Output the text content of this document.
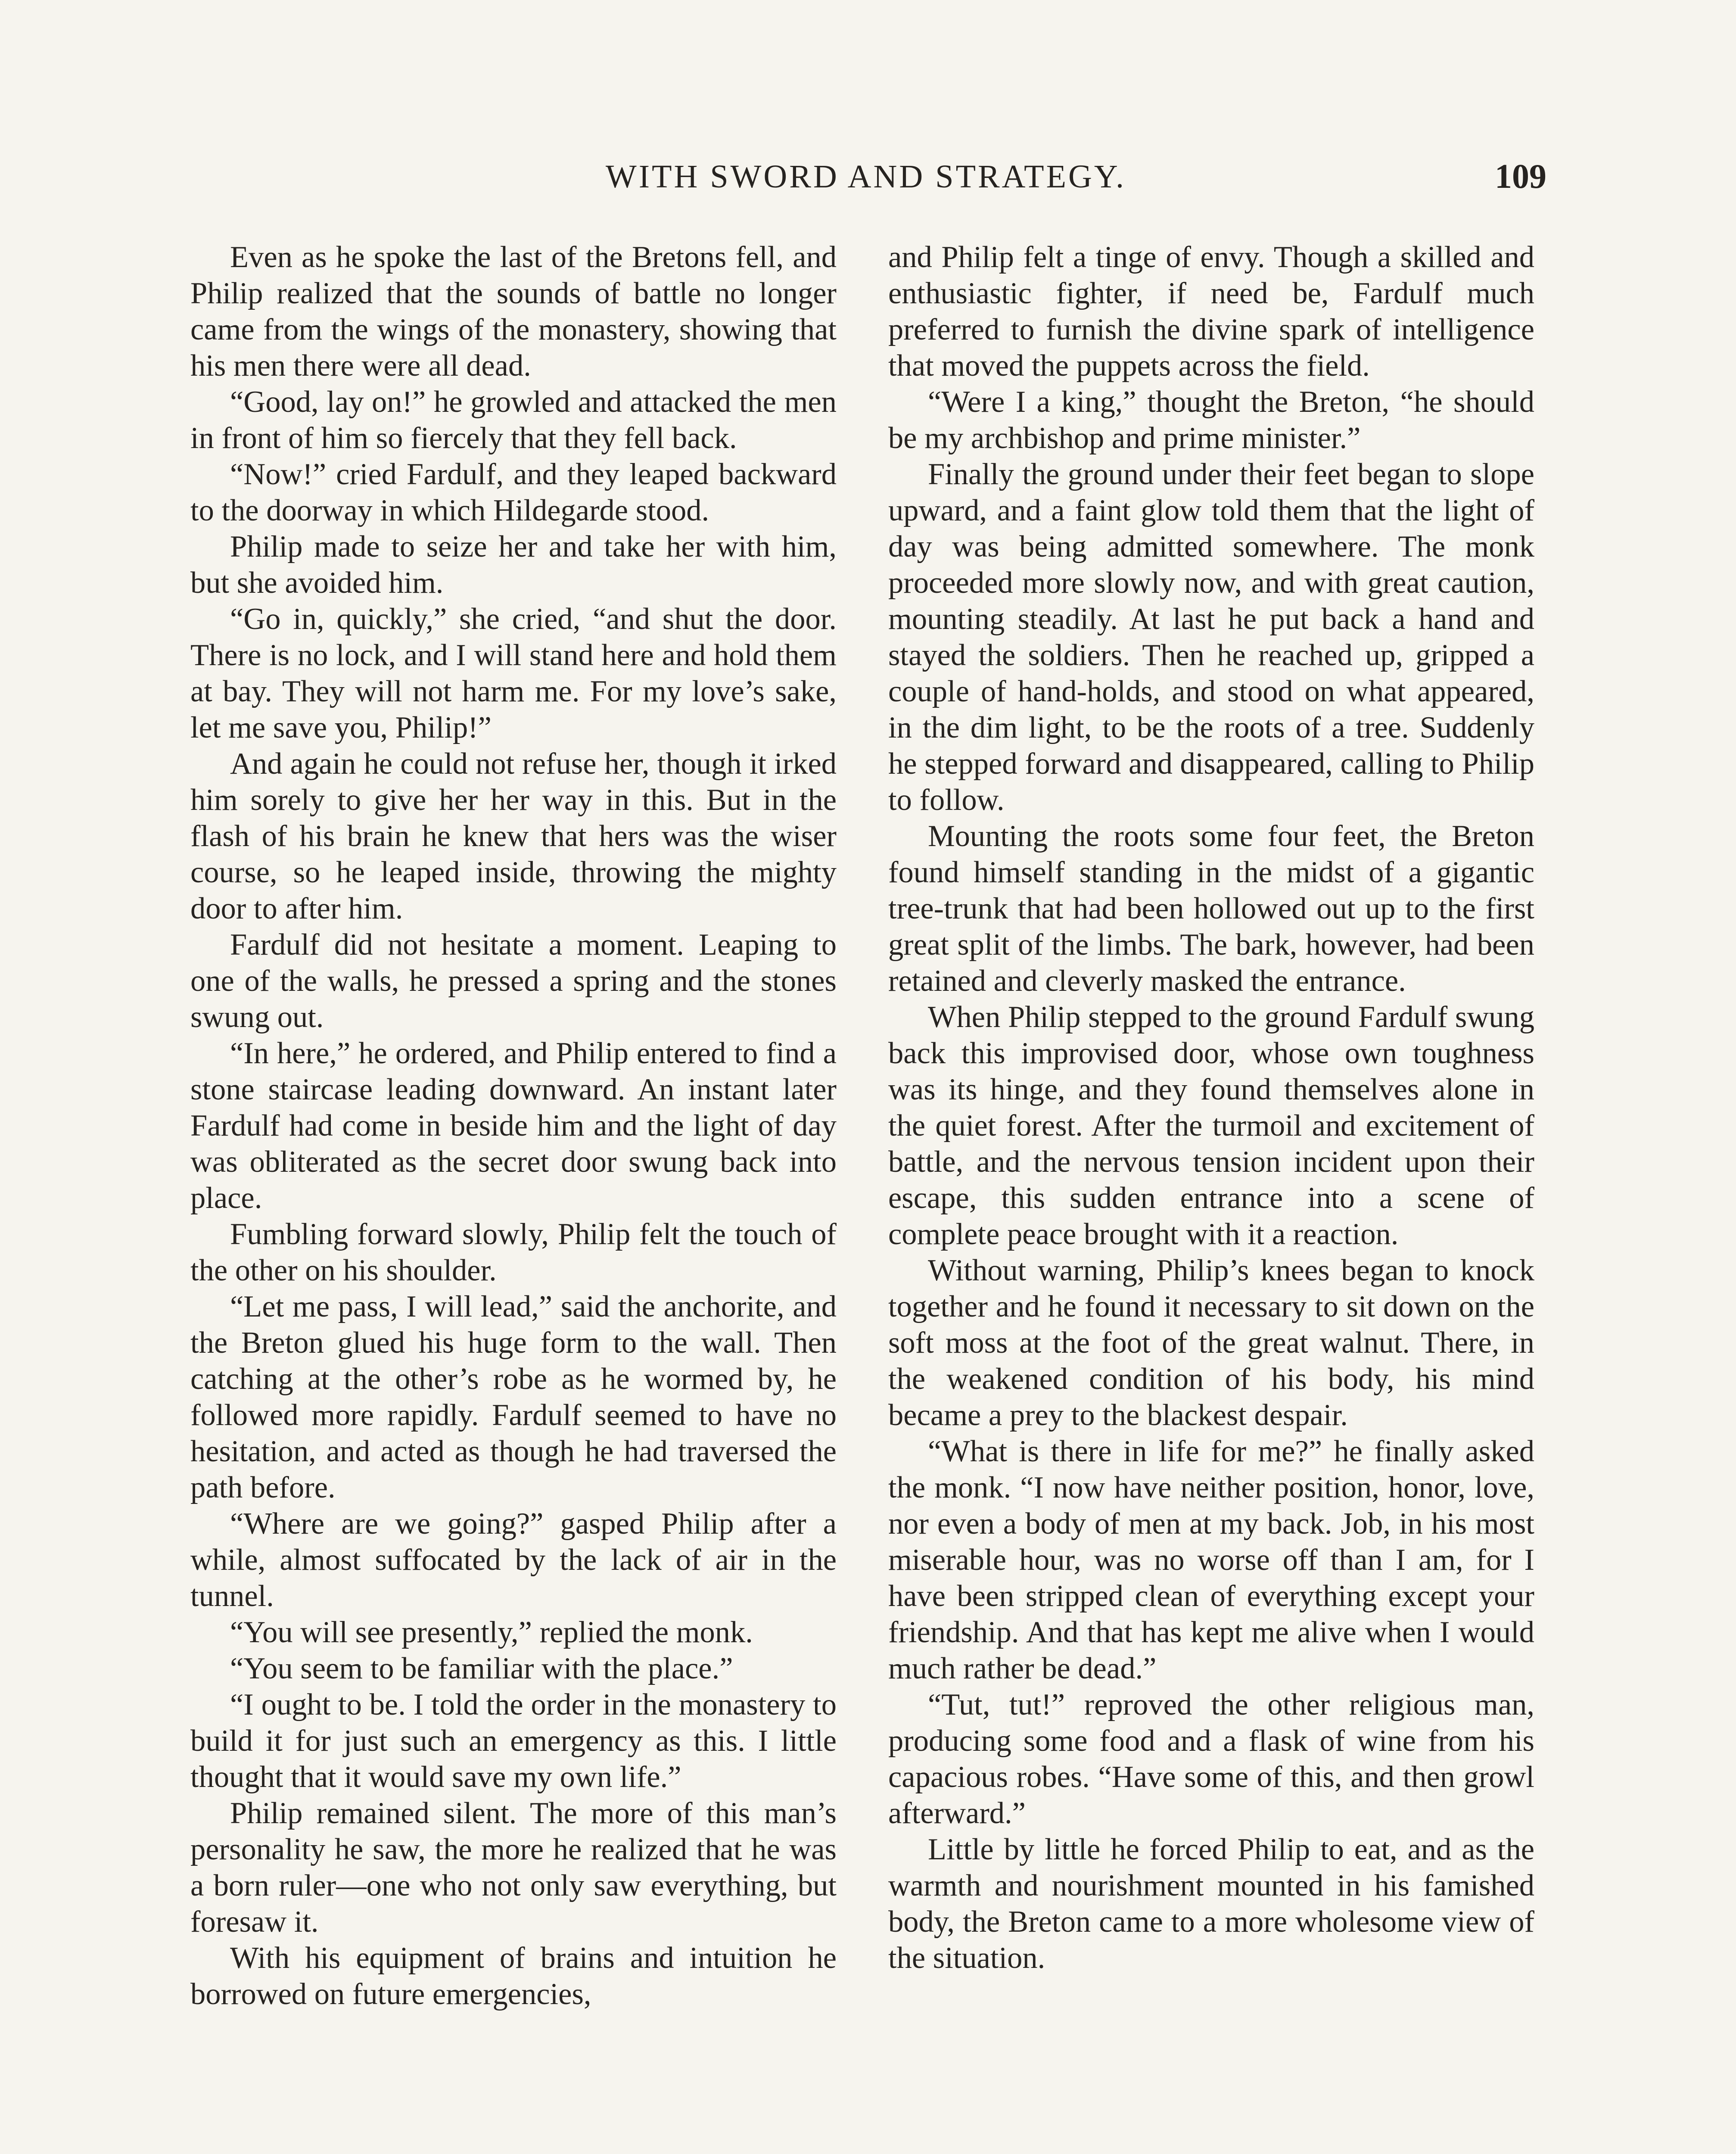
WITH SWORD AND STRATEGY.	109

Even as he spoke the last of the Bretons fell, and Philip realized that the sounds of battle no longer came from the wings of the monastery, showing that his men there were all dead.

“Good, lay on!” he growled and attacked the men in front of him so fiercely that they fell back.

“Now!” cried Fardulf, and they leaped backward to the doorway in which Hildegarde stood.

Philip made to seize her and take her with him, but she avoided him.

“Go in, quickly,” she cried, “and shut the door. There is no lock, and I will stand here and hold them at bay. They will not harm me. For my love’s sake, let me save you, Philip!”

And again he could not refuse her, though it irked him sorely to give her her way in this. But in the flash of his brain he knew that hers was the wiser course, so he leaped inside, throwing the mighty door to after him.

Fardulf did not hesitate a moment. Leaping to one of the walls, he pressed a spring and the stones swung out.

“In here,” he ordered, and Philip entered to find a stone staircase leading downward. An instant later Fardulf had come in beside him and the light of day was obliterated as the secret door swung back into place.

Fumbling forward slowly, Philip felt the touch of the other on his shoulder.

“Let me pass, I will lead,” said the anchorite, and the Breton glued his huge form to the wall. Then catching at the other’s robe as he wormed by, he followed more rapidly. Fardulf seemed to have no hesitation, and acted as though he had traversed the path before.

“Where are we going?” gasped Philip after a while, almost suffocated by the lack of air in the tunnel.

“You will see presently,” replied the monk.

“You seem to be familiar with the place.”

“I ought to be. I told the order in the monastery to build it for just such an emergency as this. I little thought that it would save my own life.”

Philip remained silent. The more of this man’s personality he saw, the more he realized that he was a born ruler—one who not only saw everything, but foresaw it.

With his equipment of brains and intuition he borrowed on future emergencies,

and Philip felt a tinge of envy. Though a skilled and enthusiastic fighter, if need be, Fardulf much preferred to furnish the divine spark of intelligence that moved the puppets across the field.

“Were I a king,” thought the Breton, “he should be my archbishop and prime minister.”

Finally the ground under their feet began to slope upward, and a faint glow told them that the light of day was being admitted somewhere. The monk proceeded more slowly now, and with great caution, mounting steadily. At last he put back a hand and stayed the soldiers. Then he reached up, gripped a couple of hand-holds, and stood on what appeared, in the dim light, to be the roots of a tree. Suddenly he stepped forward and disappeared, calling to Philip to follow.

Mounting the roots some four feet, the Breton found himself standing in the midst of a gigantic tree-trunk that had been hollowed out up to the first great split of the limbs. The bark, however, had been retained and cleverly masked the entrance.

When Philip stepped to the ground Fardulf swung back this improvised door, whose own toughness was its hinge, and they found themselves alone in the quiet forest. After the turmoil and excitement of battle, and the nervous tension incident upon their escape, this sudden entrance into a scene of complete peace brought with it a reaction.

Without warning, Philip’s knees began to knock together and he found it necessary to sit down on the soft moss at the foot of the great walnut. There, in the weakened condition of his body, his mind became a prey to the blackest despair.

“What is there in life for me?” he finally asked the monk. “I now have neither position, honor, love, nor even a body of men at my back. Job, in his most miserable hour, was no worse off than I am, for I have been stripped clean of everything except your friendship. And that has kept me alive when I would much rather be dead.”

“Tut, tut!” reproved the other religious man, producing some food and a flask of wine from his capacious robes. “Have some of this, and then growl afterward.”

Little by little he forced Philip to eat, and as the warmth and nourishment mounted in his famished body, the Breton came to a more wholesome view of the situation.
